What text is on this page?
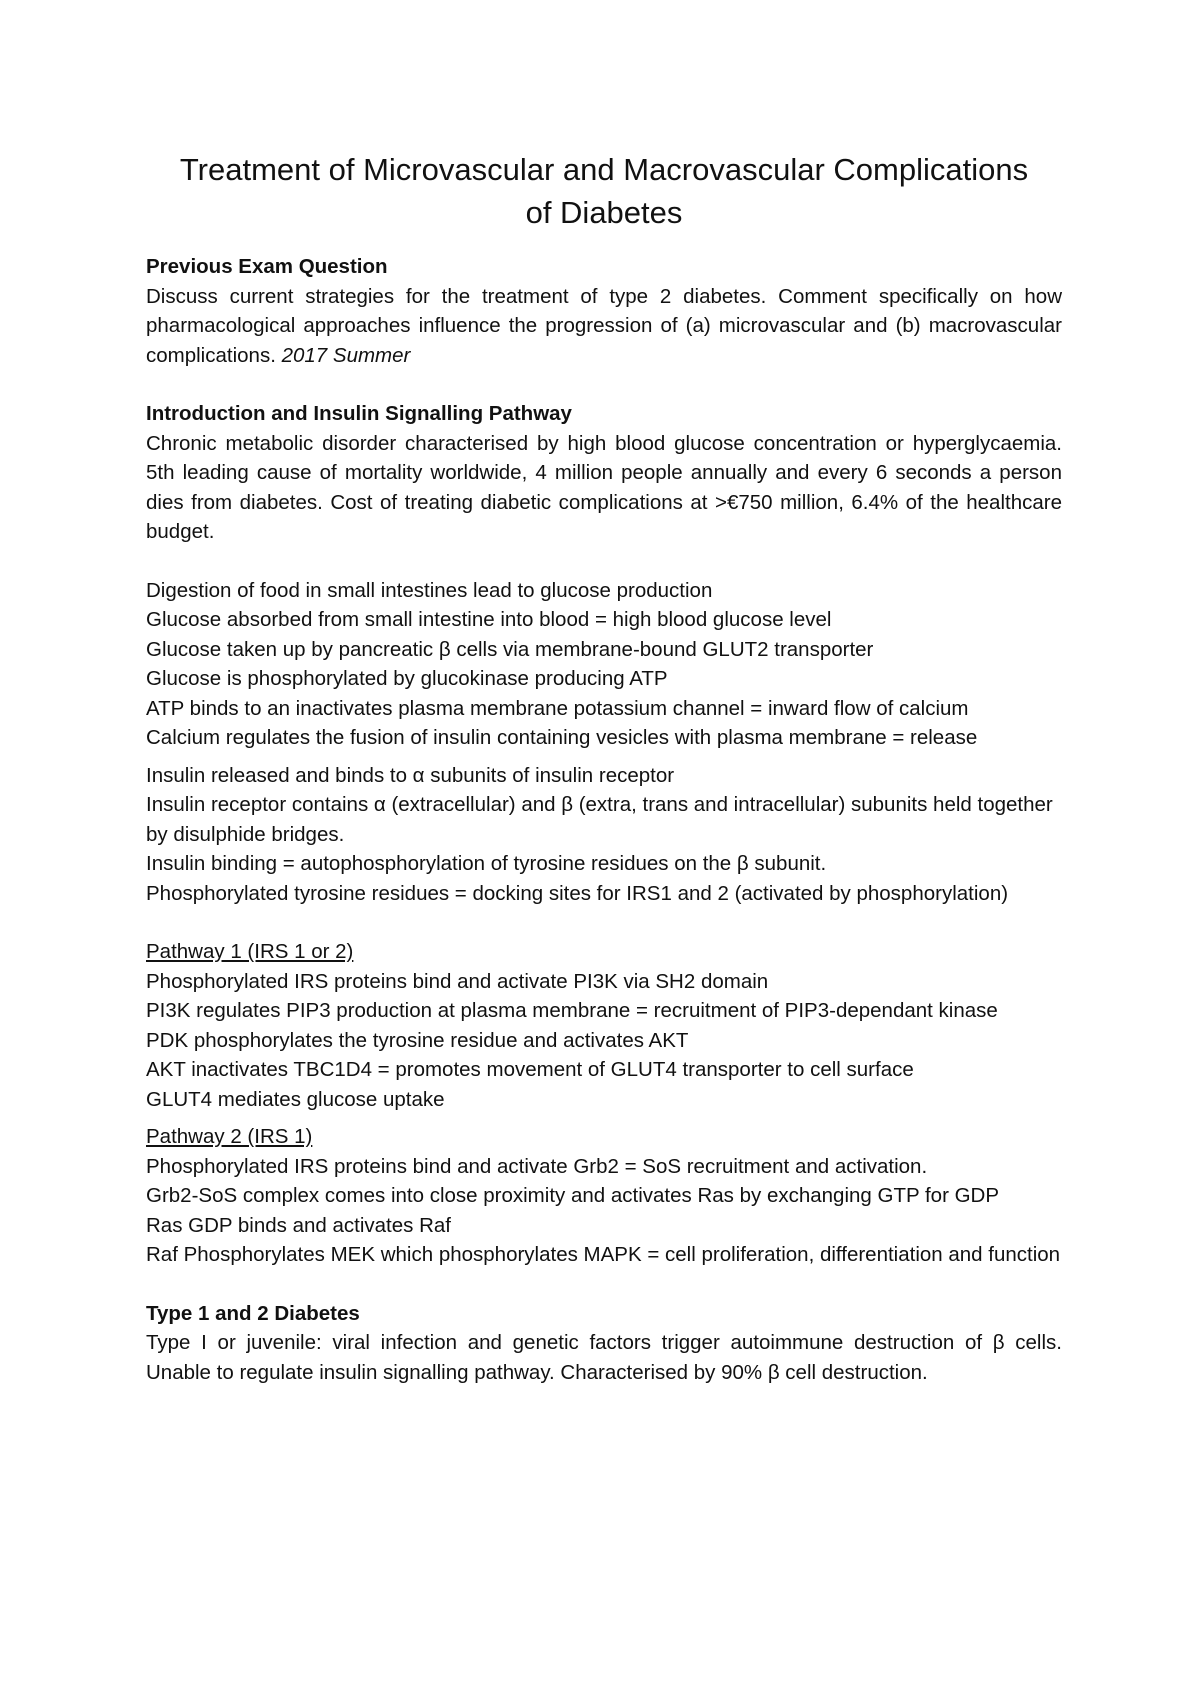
Treatment of Microvascular and Macrovascular Complications
of Diabetes

Previous Exam Question

Discuss current strategies for the treatment of type 2 diabetes. Comment specifically on how pharmacological approaches influence the progression of (a) microvascular and (b) macrovascular complications. 2017 Summer

Introduction and Insulin Signalling Pathway

Chronic metabolic disorder characterised by high blood glucose concentration or hyperglycaemia. 5th leading cause of mortality worldwide, 4 million people annually and every 6 seconds a person dies from diabetes. Cost of treating diabetic complications at >€750 million, 6.4% of the healthcare budget.

Digestion of food in small intestines lead to glucose production

Glucose absorbed from small intestine into blood = high blood glucose level

Glucose taken up by pancreatic β cells via membrane-bound GLUT2 transporter

Glucose is phosphorylated by glucokinase producing ATP

ATP binds to an inactivates plasma membrane potassium channel = inward flow of calcium

Calcium regulates the fusion of insulin containing vesicles with plasma membrane = release

Insulin released and binds to α subunits of insulin receptor

Insulin receptor contains α (extracellular) and β (extra, trans and intracellular) subunits held together by disulphide bridges.

Insulin binding = autophosphorylation of tyrosine residues on the β subunit.

Phosphorylated tyrosine residues = docking sites for IRS1 and 2 (activated by phosphorylation)

Pathway 1 (IRS 1 or 2)

Phosphorylated IRS proteins bind and activate PI3K via SH2 domain

PI3K regulates PIP3 production at plasma membrane = recruitment of PIP3-dependant kinase

PDK phosphorylates the tyrosine residue and activates AKT

AKT inactivates TBC1D4 = promotes movement of GLUT4 transporter to cell surface

GLUT4 mediates glucose uptake

Pathway 2 (IRS 1)

Phosphorylated IRS proteins bind and activate Grb2 = SoS recruitment and activation.

Grb2-SoS complex comes into close proximity and activates Ras by exchanging GTP for GDP

Ras GDP binds and activates Raf

Raf Phosphorylates MEK which phosphorylates MAPK = cell proliferation, differentiation and function

Type 1 and 2 Diabetes

Type I or juvenile: viral infection and genetic factors trigger autoimmune destruction of β cells. Unable to regulate insulin signalling pathway. Characterised by 90% β cell destruction.
